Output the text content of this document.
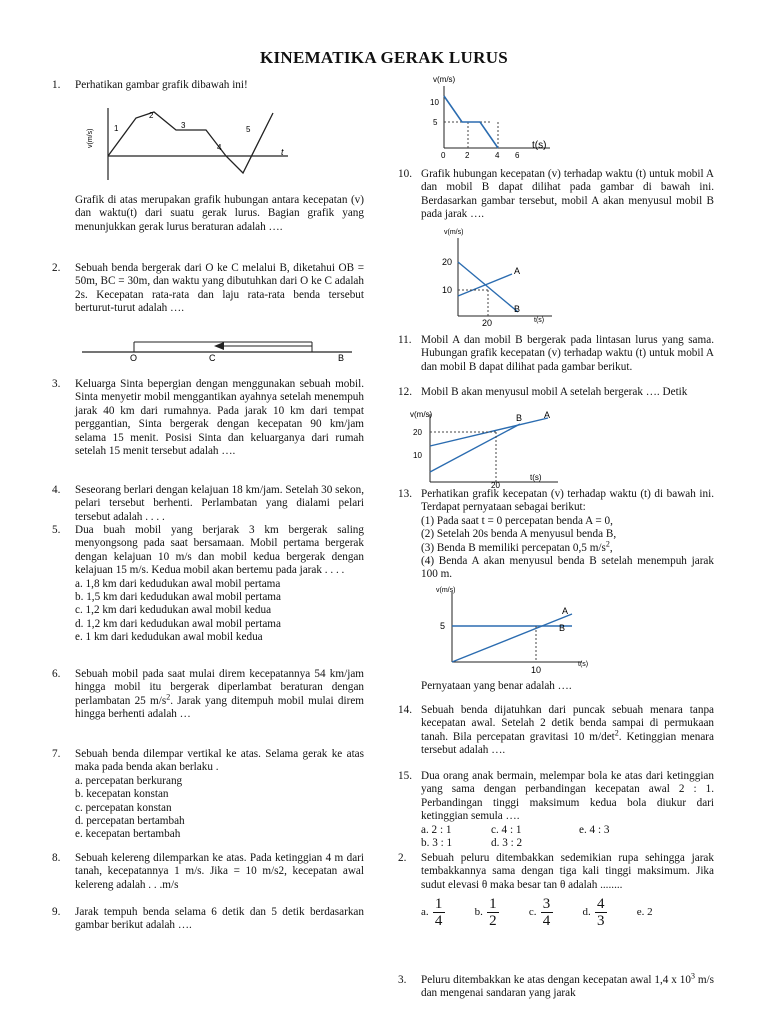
KINEMATIKA GERAK LURUS
1.	Perhatikan gambar grafik dibawah ini!
v(m/s)
t
1
2
3
4
5
Grafik di atas merupakan grafik hubungan antara kecepatan (v) dan waktu(t) dari suatu gerak lurus. Bagian grafik yang menunjukkan gerak lurus beraturan adalah ….
2.	Sebuah benda bergerak dari O ke C melalui B, diketahui OB = 50m, BC = 30m, dan waktu yang dibutuhkan dari O ke C adalah 2s. Kecepatan rata-rata dan laju rata-rata benda tersebut berturut-turut adalah ….
O	C	B
3.	Keluarga Sinta bepergian dengan menggunakan sebuah mobil. Sinta menyetir mobil menggantikan ayahnya setelah menempuh jarak 40 km dari rumahnya. Pada jarak 10 km dari tempat perggantian, Sinta bergerak dengan kecepatan 90 km/jam selama 15 menit. Posisi Sinta dan keluarganya dari rumah setelah 15 menit tersebut adalah ….
4.	Seseorang berlari dengan kelajuan 18 km/jam. Setelah 30 sekon, pelari tersebut berhenti. Perlambatan yang dialami pelari tersebut adalah . . . .
5.	Dua buah mobil yang berjarak 3 km bergerak saling menyongsong pada saat bersamaan. Mobil pertama bergerak dengan kelajuan 10 m/s dan mobil kedua bergerak dengan kelajuan 15 m/s. Kedua mobil akan bertemu pada jarak . . . .
a. 1,8 km dari kedudukan awal mobil pertama
b. 1,5 km dari kedudukan awal mobil pertama
c. 1,2 km dari kedudukan awal mobil kedua
d. 1,2 km dari kedudukan awal mobil pertama
e. 1 km dari kedudukan awal mobil kedua
6.	Sebuah mobil pada saat mulai direm kecepatannya 54 km/jam hingga mobil itu bergerak diperlambat beraturan dengan perlambatan 25 $m/s^2$. Jarak yang ditempuh mobil mulai direm hingga berhenti adalah …
7.	Sebuah benda dilempar vertikal ke atas. Selama gerak ke atas maka pada benda akan berlaku .
a. percepatan berkurang
b. kecepatan konstan
c. percepatan konstan
d. percepatan bertambah
e. kecepatan bertambah
8.	Sebuah kelereng dilemparkan ke atas. Pada ketinggian 4 m dari tanah, kecepatannya 1 m/s. Jika = 10 m/s2, kecepatan awal kelereng adalah . . .m/s
9.	Jarak tempuh benda selama 6 detik dan 5 detik berdasarkan gambar berikut adalah ….
v(m/s)
10
5
0 2	4 6
t(s)
10. Grafik hubungan kecepatan (v) terhadap waktu (t) untuk mobil A dan mobil B dapat dilihat pada gambar di bawah ini. Berdasarkan gambar tersebut, mobil A akan menyusul mobil B pada jarak ….
v(m/s)
20
10
20	t(s)
A
B
11. Mobil A dan mobil B bergerak pada lintasan lurus yang sama. Hubungan grafik kecepatan (v) terhadap waktu (t) untuk mobil A dan mobil B dapat dilihat pada gambar berikut.
12. Mobil B akan menyusul mobil A setelah bergerak …. Detik
v(m/s)
20
10
20
t(s)
B A
13. Perhatikan grafik kecepatan (v) terhadap waktu (t) di bawah ini. Terdapat pernyataan sebagai berikut:
(1) Pada saat t = 0 percepatan benda A = 0,
(2) Setelah 20s benda A menyusul benda B,
(3) Benda B memiliki percepatan 0,5 $m/s^2$,
(4) Benda A akan menyusul benda B setelah menempuh jarak 100 m.
v(m/s)
5
10
t(s)
A
B
Pernyataan yang benar adalah ….
14. Sebuah benda dijatuhkan dari puncak sebuah menara tanpa kecepatan awal. Setelah 2 detik benda sampai di permukaan tanah. Bila percepatan gravitasi 10 $m/\det^2$. Ketinggian menara tersebut adalah ….
15. Dua orang anak bermain, melempar bola ke atas dari ketinggian yang sama dengan perbandingan kecepatan awal 2 : 1. Perbandingan tinggi maksimum kedua bola diukur dari ketinggian semula ….
a. 2 : 1	c. 4 : 1	e. 4 : 3
b. 3 : 1	d. 3 : 2
2.	Sebuah peluru ditembakkan sedemikian rupa sehingga jarak tembakkannya sama dengan tiga kali tinggi maksimum. Jika sudut elevasi θ maka besar tan θ adalah ........
a. $\frac{1}{4}$	b. $\frac{1}{2}$	c. $\frac{3}{4}$	d. $\frac{4}{3}$	e. 2
3.	Peluru ditembakkan ke atas dengan kecepatan awal 1,4 x $10^3$ m/s dan mengenai sandaran yang jarak
